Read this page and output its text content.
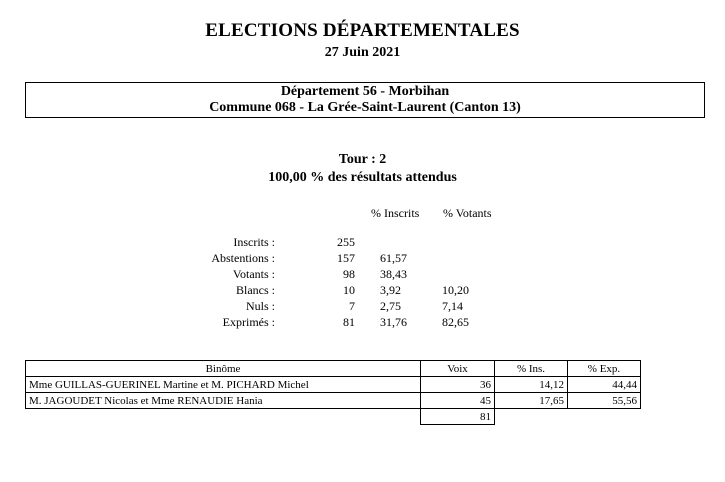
ELECTIONS DÉPARTEMENTALES
27 Juin 2021
Département 56 - Morbihan
Commune 068 - La Grée-Saint-Laurent (Canton 13)
Tour : 2
100,00 % des résultats attendus
% Inscrits % Votants
Inscrits :	255
Abstentions :	157 61,57
Votants :	98 38,43
Blancs :	10 3,92	10,20
Nuls :	7 2,75	7,14
Exprimés :	81 31,76	82,65
Binôme	Voix	% Ins.	% Exp.
Mme GUILLAS-GUERINEL Martine et M. PICHARD Michel	36	14,12	44,44
M. JAGOUDET Nicolas et Mme RENAUDIE Hania	45	17,65	55,56
	81		
